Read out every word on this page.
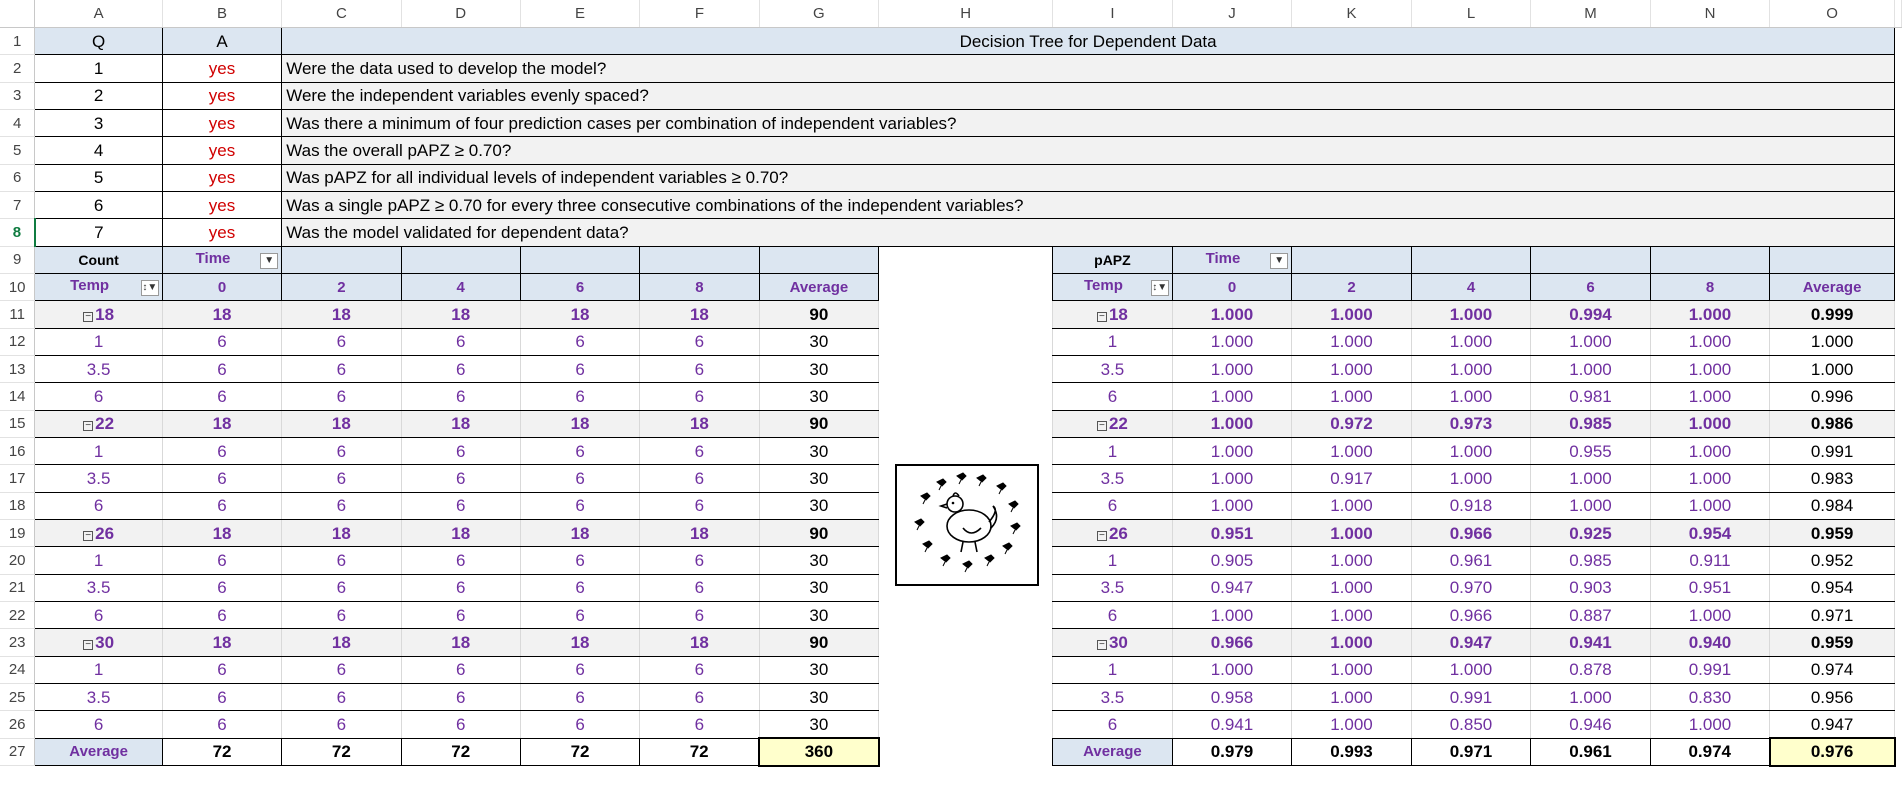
	A	B	C	D	E	F	G	H	I	J	K	L	M	N	O	
1	Q	A	Decision Tree for Dependent Data													
2	1	yes	Were the data used to develop the model?													
3	2	yes	Were the independent variables evenly spaced?													
4	3	yes	Was there a minimum of four prediction cases per combination of independent variables?													
5	4	yes	Was the overall pAPZ ≥ 0.70?													
6	5	yes	Was pAPZ for all individual levels of independent variables ≥ 0.70?													
7	6	yes	Was a single pAPZ ≥ 0.70 for every three consecutive combinations of the independent variables?													
8	7	yes	Was the model validated for dependent data?													
9	Count	Time ▼							pAPZ	Time ▼						

10	Temp ↕▼	0	2	4	6	8	Average		Temp ↕▼	0	2	4	6	8	Average	
11	− 18	18	18	18	18	18	90		− 18	1.000	1.000	1.000	0.994	1.000	0.999	
12	1	6	6	6	6	6	30		1	1.000	1.000	1.000	1.000	1.000	1.000	
13	3.5	6	6	6	6	6	30		3.5	1.000	1.000	1.000	1.000	1.000	1.000	
14	6	6	6	6	6	6	30		6	1.000	1.000	1.000	0.981	1.000	0.996	
15	− 22	18	18	18	18	18	90		− 22	1.000	0.972	0.973	0.985	1.000	0.986	
16	1	6	6	6	6	6	30		1	1.000	1.000	1.000	0.955	1.000	0.991	
17	3.5	6	6	6	6	6	30		3.5	1.000	0.917	1.000	1.000	1.000	0.983	
18	6	6	6	6	6	6	30		6	1.000	1.000	0.918	1.000	1.000	0.984	
19	− 26	18	18	18	18	18	90		− 26	0.951	1.000	0.966	0.925	0.954	0.959	
20	1	6	6	6	6	6	30		1	0.905	1.000	0.961	0.985	0.911	0.952	
21	3.5	6	6	6	6	6	30		3.5	0.947	1.000	0.970	0.903	0.951	0.954	
22	6	6	6	6	6	6	30		6	1.000	1.000	0.966	0.887	1.000	0.971	
23	− 30	18	18	18	18	18	90		− 30	0.966	1.000	0.947	0.941	0.940	0.959	
24	1	6	6	6	6	6	30		1	1.000	1.000	1.000	0.878	0.991	0.974	
25	3.5	6	6	6	6	6	30		3.5	0.958	1.000	0.991	1.000	0.830	0.956	
26	6	6	6	6	6	6	30		6	0.941	1.000	0.850	0.946	1.000	0.947	
27	Average	72	72	72	72	72	360		Average	0.979	0.993	0.971	0.961	0.974	0.976	
